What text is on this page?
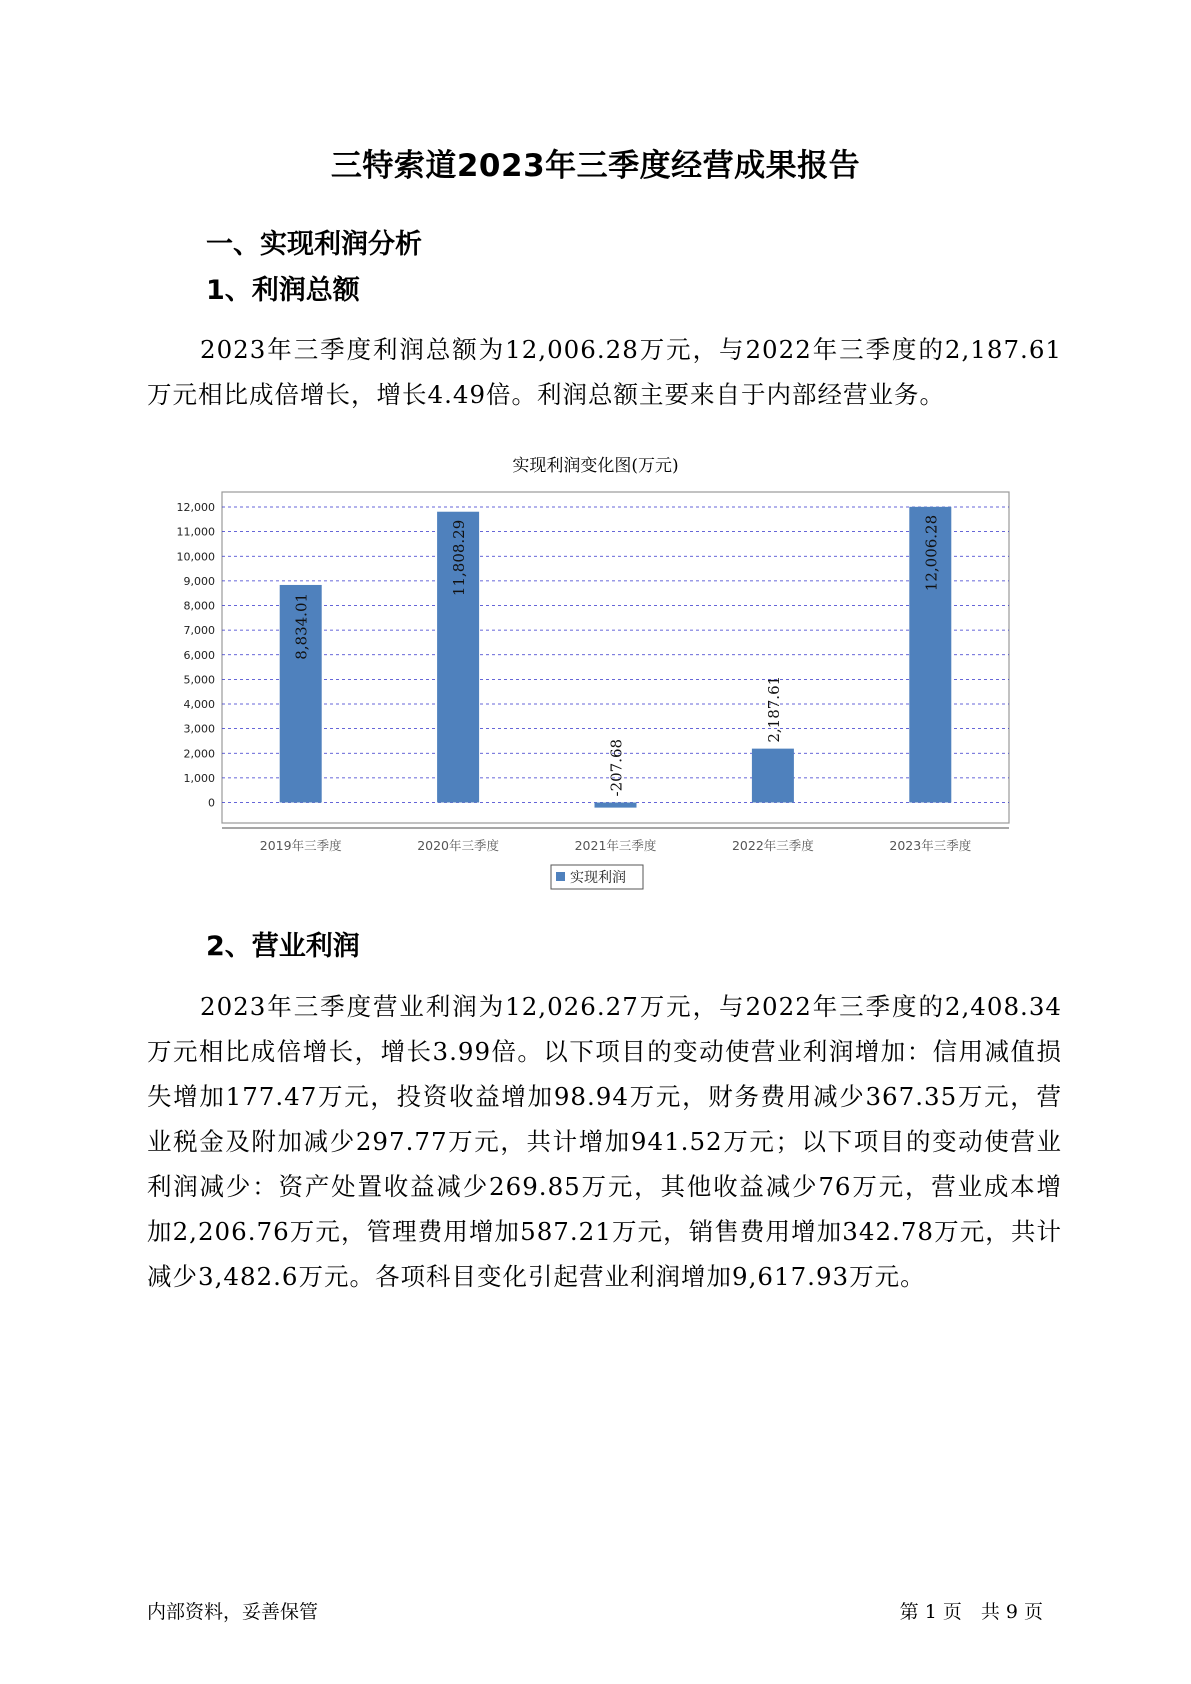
三特索道2023年三季度经营成果报告
一、实现利润分析
1、利润总额

2023年三季度利润总额为12,006.28万元，与2022年三季度的2,187.61万元相比成倍增长，增长4.49倍。利润总额主要来自于内部经营业务。

实现利润变化图(万元)
0
1,000
2,000
3,000
4,000
5,000
6,000
7,000
8,000
9,000
10,000
11,000
12,000
8,834.01
2019年三季度
11,808.29
2020年三季度
-207.68
2021年三季度
2,187.61
2022年三季度
12,006.28
2023年三季度
实现利润
2、营业利润

2023年三季度营业利润为12,026.27万元，与2022年三季度的2,408.34万元相比成倍增长，增长3.99倍。以下项目的变动使营业利润增加：信用减值损失增加177.47万元，投资收益增加98.94万元，财务费用减少367.35万元，营业税金及附加减少297.77万元，共计增加941.52万元；以下项目的变动使营业利润减少：资产处置收益减少269.85万元，其他收益减少76万元，营业成本增加2,206.76万元，管理费用增加587.21万元，销售费用增加342.78万元，共计减少3,482.6万元。各项科目变化引起营业利润增加9,617.93万元。

内部资料，妥善保管	第 1 页　共 9 页
